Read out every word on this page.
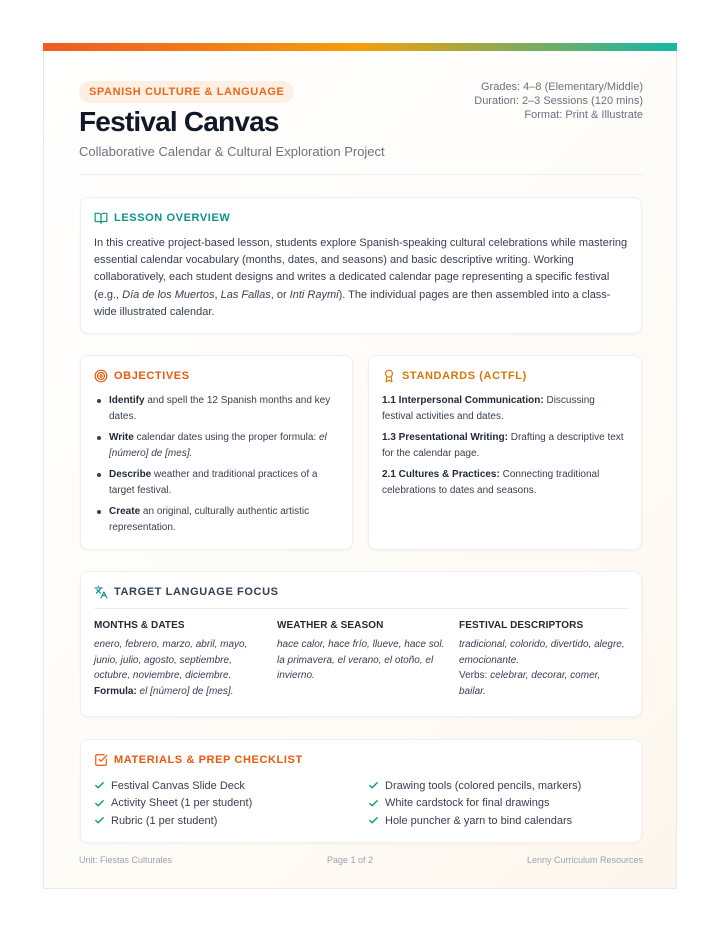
SPANISH CULTURE & LANGUAGE
Festival Canvas
Collaborative Calendar & Cultural Exploration Project
Grades: 4–8 (Elementary/Middle)
Duration: 2–3 Sessions (120 mins)
Format: Print & Illustrate
LESSON OVERVIEW

In this creative project-based lesson, students explore Spanish-speaking cultural celebrations while mastering essential calendar vocabulary (months, dates, and seasons) and basic descriptive writing. Working collaboratively, each student designs and writes a dedicated calendar page representing a specific festival (e.g., Día de los Muertos, Las Fallas, or Inti Raymi). The individual pages are then assembled into a class-wide illustrated calendar.

OBJECTIVES
Identify and spell the 12 Spanish months and key dates.
Write calendar dates using the proper formula: el [número] de [mes].
Describe weather and traditional practices of a target festival.
Create an original, culturally authentic artistic representation.
STANDARDS (ACTFL)
1.1 Interpersonal Communication: Discussing festival activities and dates.
1.3 Presentational Writing: Drafting a descriptive text for the calendar page.
2.1 Cultures & Practices: Connecting traditional celebrations to dates and seasons.
TARGET LANGUAGE FOCUS
MONTHS & DATES

enero, febrero, marzo, abril, mayo, junio, julio, agosto, septiembre, octubre, noviembre, diciembre.
Formula: el [número] de [mes].

WEATHER & SEASON

hace calor, hace frío, llueve, hace sol.
la primavera, el verano, el otoño, el invierno.

FESTIVAL DESCRIPTORS

tradicional, colorido, divertido, alegre, emocionante.
Verbs: celebrar, decorar, comer, bailar.

MATERIALS & PREP CHECKLIST
Festival Canvas Slide Deck
Activity Sheet (1 per student)
Rubric (1 per student)
Drawing tools (colored pencils, markers)
White cardstock for final drawings
Hole puncher & yarn to bind calendars
Unit: Fiestas Culturales	Page 1 of 2	Lenny Curriculum Resources
